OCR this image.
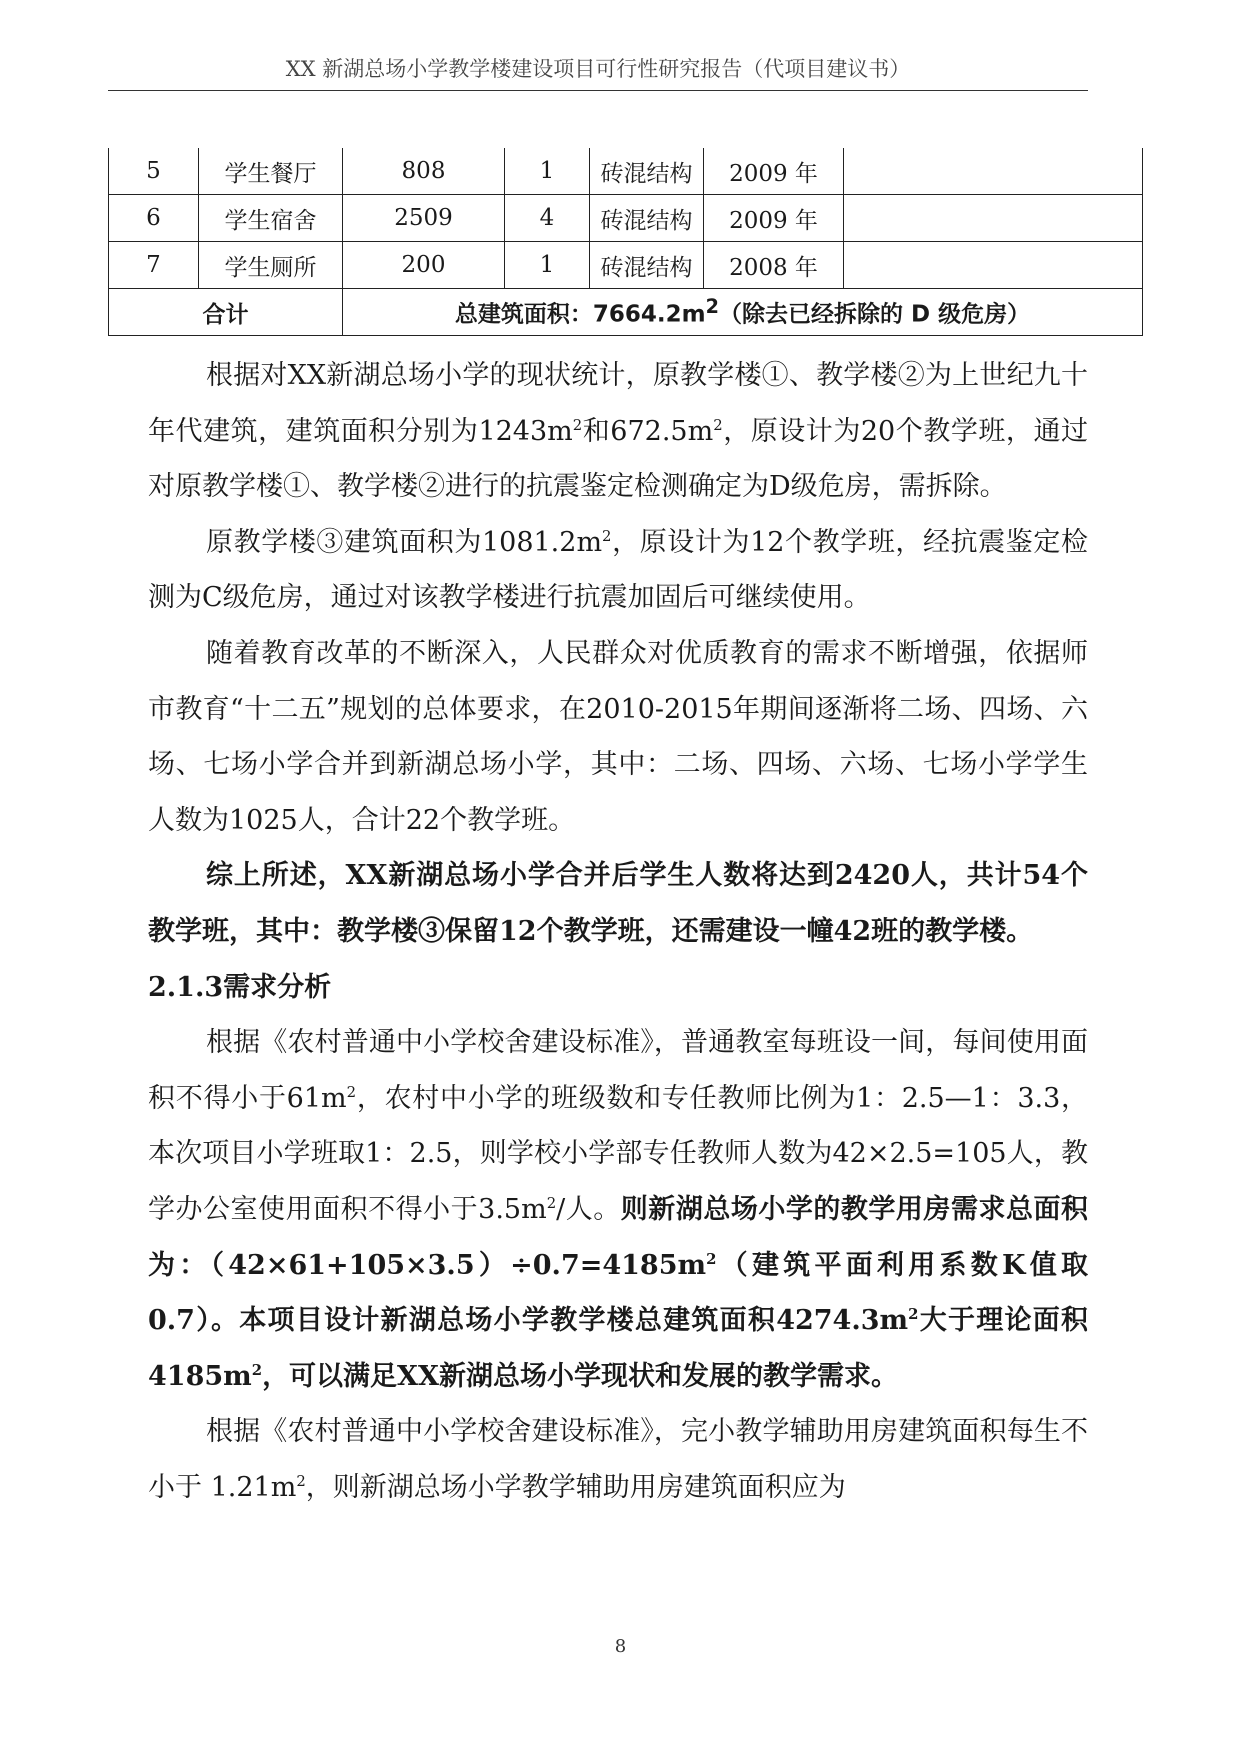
XX 新湖总场小学教学楼建设项目可行性研究报告（代项目建议书）
5	学生餐厅	808	1	砖混结构	2009 年	
6	学生宿舍	2509	4	砖混结构	2009 年	
7	学生厕所	200	1	砖混结构	2008 年	
合计		总建筑面积：$7664.2m^2$（除去已经拆除的 D 级危房）				

根据对XX新湖总场小学的现状统计，原教学楼①、教学楼②为上世纪九十年代建筑，建筑面积分别为$1243m^2$和$672.5m^2$，原设计为20个教学班，通过对原教学楼①、教学楼②进行的抗震鉴定检测确定为D级危房，需拆除。

原教学楼③建筑面积为$1081.2m^2$，原设计为12个教学班，经抗震鉴定检测为C级危房，通过对该教学楼进行抗震加固后可继续使用。

随着教育改革的不断深入，人民群众对优质教育的需求不断增强，依据师市教育“十二五”规划的总体要求，在2010-2015年期间逐渐将二场、四场、六场、七场小学合并到新湖总场小学，其中：二场、四场、六场、七场小学学生人数为1025人，合计22个教学班。

综上所述，XX新湖总场小学合并后学生人数将达到2420人，共计54个教学班，其中：教学楼③保留12个教学班，还需建设一幢42班的教学楼。

2.1.3需求分析

根据《农村普通中小学校舍建设标准》，普通教室每班设一间，每间使用面积不得小于$61m^2$，农村中小学的班级数和专任教师比例为1：2.5—1：3.3，本次项目小学班取1：2.5，则学校小学部专任教师人数为42×2.5=105人，教学办公室使用面积不得小于$3.5m^2/$人。则新湖总场小学的教学用房需求总面积为：$(42\times 61+105\times 3.5)\div 0.7=4185m^2$（建筑平面利用系数K值取0.7）。本项目设计新湖总场小学教学楼总建筑面积$4274.3m^2$大于理论面积$4185m^2$，可以满足XX新湖总场小学现状和发展的教学需求。

根据《农村普通中小学校舍建设标准》，完小教学辅助用房建筑面积每生不小于 $1.21m^2$，则新湖总场小学教学辅助用房建筑面积应为

8
